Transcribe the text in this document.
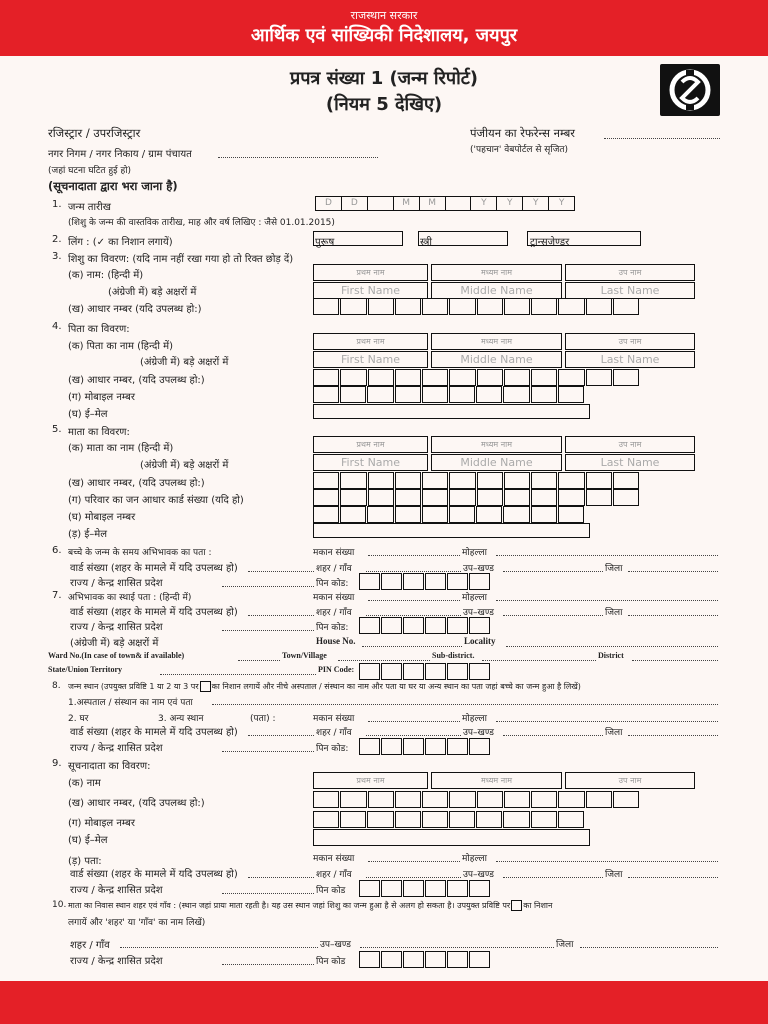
राजस्थान सरकार
आर्थिक एवं सांख्यिकी निदेशालय, जयपुर
प्रपत्र संख्या 1 (जन्म रिपोर्ट)
(नियम 5 देखिए)
रजिस्ट्रार / उपरजिस्ट्रार
नगर निगम / नगर निकाय / ग्राम पंचायत
(जहां घटना घटित हुई हो)
पंजीयन का रेफरेन्स नम्बर
('पहचान' वेबपोर्टल से सृजित)
(सूचनादाता द्वारा भरा जाना है)
1. जन्म तारीख	D	D	M	M	Y	Y	Y	Y
(शिशु के जन्म की वास्तविक तारीख, माह और वर्ष लिखिए : जैसे 01.01.2015)
2. लिंग : (✓ का निशान लगायें)	पुरूष	स्त्री	ट्रान्सजेण्डर
3. शिशु का विवरण: (यदि नाम नहीं रखा गया हो तो रिक्त छोड़ दें)
(क) नाम: (हिन्दी में)	प्रथम नाम	मध्यम नाम	उप नाम
(अंग्रेजी में) बड़े अक्षरों में	First Name	Middle Name	Last Name
(ख) आधार नम्बर (यदि उपलब्ध हो:)
4. पिता का विवरण:
(क) पिता का नाम (हिन्दी में)	प्रथम नाम	मध्यम नाम	उप नाम
(अंग्रेजी में) बड़े अक्षरों में	First Name	Middle Name	Last Name
(ख) आधार नम्बर, (यदि उपलब्ध हो:)
(ग) मोबाइल नम्बर
(घ) ई–मेल
5. माता का विवरण:
(क) माता का नाम (हिन्दी में)	प्रथम नाम	मध्यम नाम	उप नाम
(अंग्रेजी में) बड़े अक्षरों में	First Name	Middle Name	Last Name
(ख) आधार नम्बर, (यदि उपलब्ध हो:)
(ग) परिवार का जन आधार कार्ड संख्या (यदि हो)
(घ) मोबाइल नम्बर
(ड़) ई–मेल
6. बच्चे के जन्म के समय अभिभावक का पता :	मकान संख्या	मोहल्ला
वार्ड संख्या (शहर के मामले में यदि उपलब्ध हो)	शहर / गाँव	उप–खण्ड	जिला
राज्य / केन्द्र शासित प्रदेश	पिन कोड:
7. अभिभावक का स्थाई पता : (हिन्दी में)	मकान संख्या	मोहल्ला
वार्ड संख्या (शहर के मामले में यदि उपलब्ध हो)	शहर / गाँव	उप–खण्ड	जिला
राज्य / केन्द्र शासित प्रदेश	पिन कोड:
(अंग्रेजी में) बड़े अक्षरों में	House No.	Locality
Ward No.(In case of town& if available)	Town/Village	Sub-district.	District
State/Union Territory	PIN Code:
8. जन्म स्थान (उपयुक्त प्रविष्टि 1 या 2 या 3 पर का निशान लगायें और नीचे अस्पताल / संस्थान का नाम और पता या घर या अन्य स्थान का पता जहां बच्चे का जन्म हुआ है लिखें)
1.अस्पताल / संस्थान का नाम एवं पता
2. घर	3. अन्य स्थान	(पता) :	मकान संख्या	मोहल्ला
वार्ड संख्या (शहर के मामले में यदि उपलब्ध हो)	शहर / गाँव	उप–खण्ड	जिला
राज्य / केन्द्र शासित प्रदेश	पिन कोड:
9. सूचनादाता का विवरण:
(क) नाम	प्रथम नाम	मध्यम नाम	उप नाम
(ख) आधार नम्बर, (यदि उपलब्ध हो:)
(ग) मोबाइल नम्बर
(घ) ई–मेल
(ड़) पता:	मकान संख्या	मोहल्ला
वार्ड संख्या (शहर के मामले में यदि उपलब्ध हो)	शहर / गाँव	उप–खण्ड	जिला
राज्य / केन्द्र शासित प्रदेश	पिन कोड
10. माता का निवास स्थान शहर एवं गाँव : (स्थान जहां प्रायः माता रहती है। यह उस स्थान जहां शिशु का जन्म हुआ है से अलग हो सकता है। उपयुक्त प्रविष्टि पर का निशान
लगायें और 'शहर' या 'गाँव' का नाम लिखें)
शहर / गाँव	उप–खण्ड	जिला
राज्य / केन्द्र शासित प्रदेश	पिन कोड
